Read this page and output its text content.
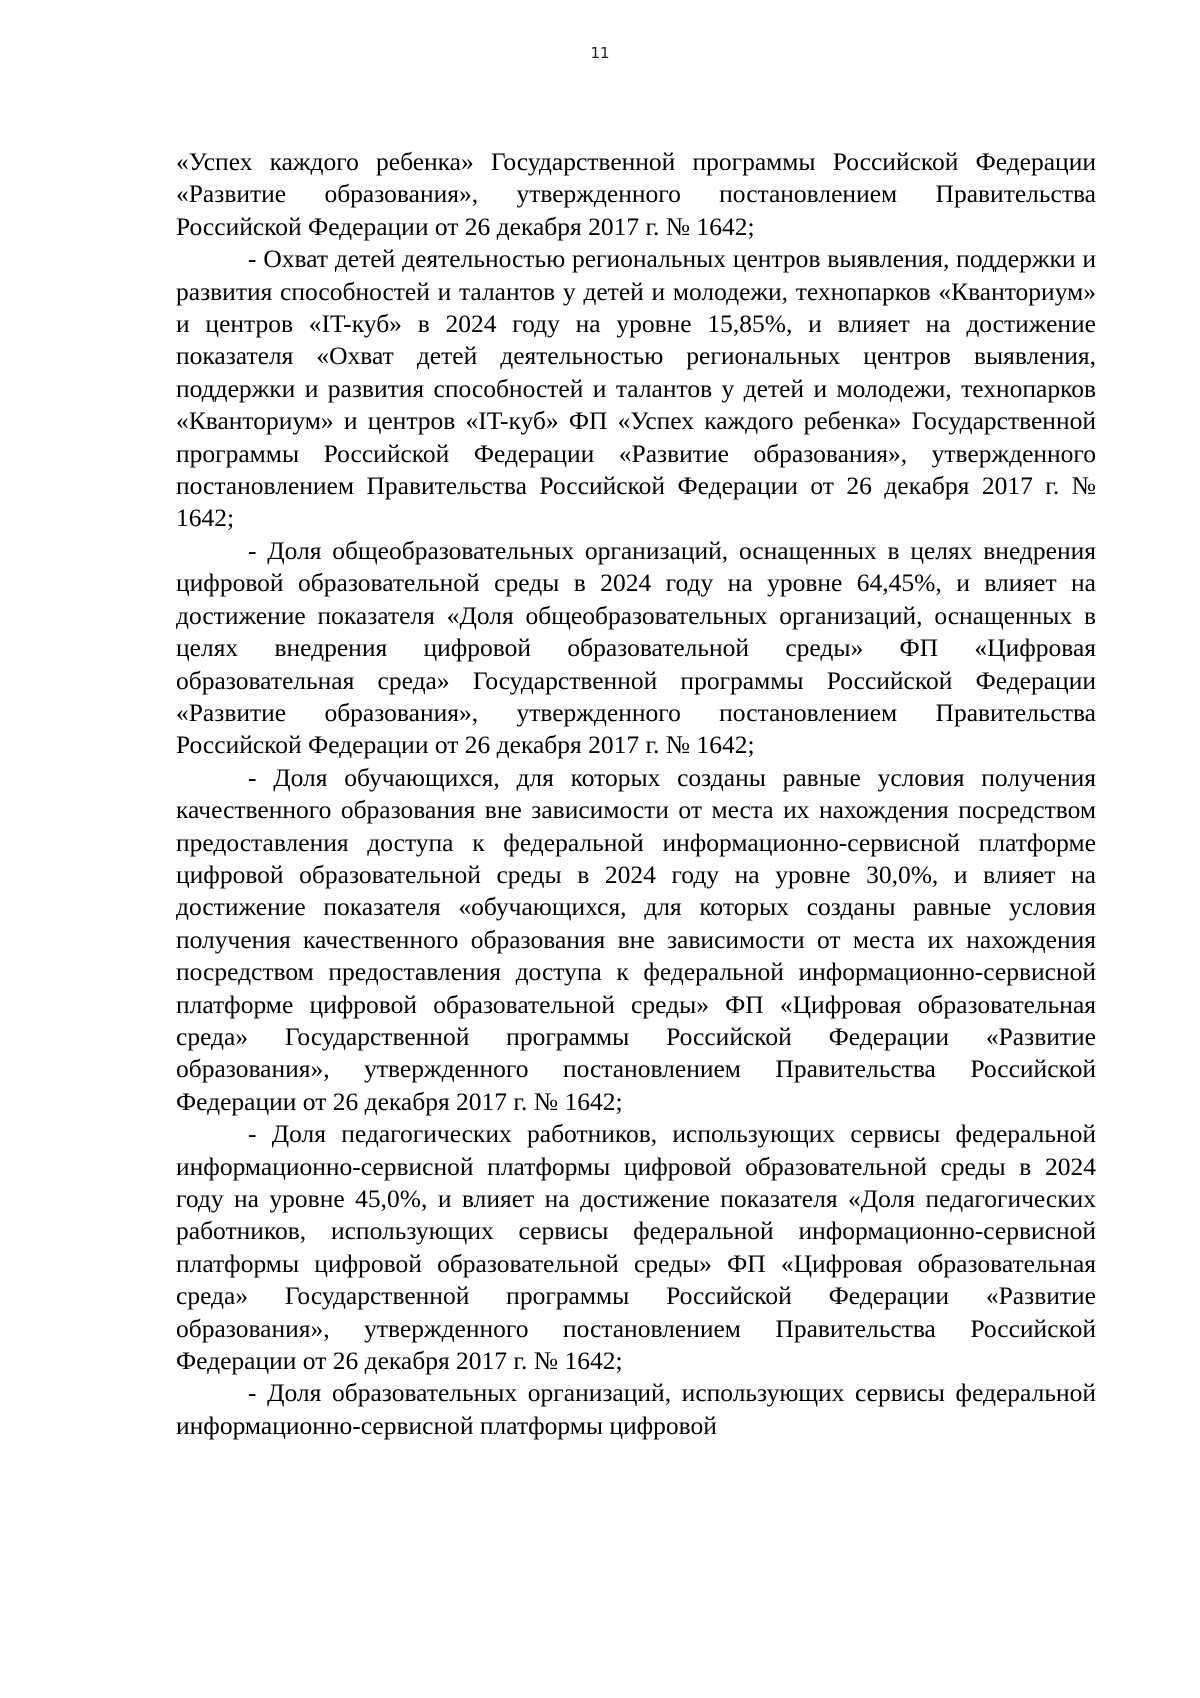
11

«Успех каждого ребенка» Государственной программы Российской Федерации «Развитие образования», утвержденного постановлением Правительства Российской Федерации от 26 декабря 2017 г. № 1642;

- Охват детей деятельностью региональных центров выявления, поддержки и развития способностей и талантов у детей и молодежи, технопарков «Кванториум» и центров «IT-куб» в 2024 году на уровне 15,85%, и влияет на достижение показателя «Охват детей деятельностью региональных центров выявления, поддержки и развития способностей и талантов у детей и молодежи, технопарков «Кванториум» и центров «IT-куб» ФП «Успех каждого ребенка» Государственной программы Российской Федерации «Развитие образования», утвержденного постановлением Правительства Российской Федерации от 26 декабря 2017 г. № 1642;

- Доля общеобразовательных организаций, оснащенных в целях внедрения цифровой образовательной среды в 2024 году на уровне 64,45%, и влияет на достижение показателя «Доля общеобразовательных организаций, оснащенных в целях внедрения цифровой образовательной среды» ФП «Цифровая образовательная среда» Государственной программы Российской Федерации «Развитие образования», утвержденного постановлением Правительства Российской Федерации от 26 декабря 2017 г. № 1642;

- Доля обучающихся, для которых созданы равные условия получения качественного образования вне зависимости от места их нахождения посредством предоставления доступа к федеральной информационно-сервисной платформе цифровой образовательной среды в 2024 году на уровне 30,0%, и влияет на достижение показателя «обучающихся, для которых созданы равные условия получения качественного образования вне зависимости от места их нахождения посредством предоставления доступа к федеральной информационно-сервисной платформе цифровой образовательной среды» ФП «Цифровая образовательная среда» Государственной программы Российской Федерации «Развитие образования», утвержденного постановлением Правительства Российской Федерации от 26 декабря 2017 г. № 1642;

- Доля педагогических работников, использующих сервисы федеральной информационно-сервисной платформы цифровой образовательной среды в 2024 году на уровне 45,0%, и влияет на достижение показателя «Доля педагогических работников, использующих сервисы федеральной информационно-сервисной платформы цифровой образовательной среды» ФП «Цифровая образовательная среда» Государственной программы Российской Федерации «Развитие образования», утвержденного постановлением Правительства Российской Федерации от 26 декабря 2017 г. № 1642;

- Доля образовательных организаций, использующих сервисы федеральной информационно-сервисной платформы цифровой
